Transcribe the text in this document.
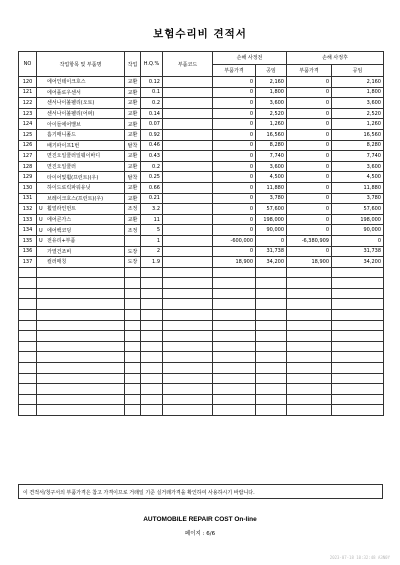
보험수리비 견적서
NO	작업항목 및 부품명	작업	H.Q.%	부품코드	손해 사정전		손해 사정후	
					부품가격	공임	부품가격	공임
120	에어인테이크호스	교환	0.12		0	2,160	0	2,160
121	에어플로우센서	교환	0.1		0	1,800	0	1,800
122	센서나이볼펠리(오토)	교환	0.2		0	3,600	0	3,600
123	센서나이볼펠리(어퍼)	교환	0.14		0	2,520	0	2,520
124	아이들에어밸브	교환	0.07		0	1,260	0	1,260
125	흡기매니폴드	교환	0.92		0	16,560	0	16,560
126	배기파이프1번	탈착	0.46		0	8,280	0	8,280
127	면진오일쿨러일웨이바디	교환	0.43		0	7,740	0	7,740
128	면진오일쿨러	교환	0.2		0	3,600	0	3,600
129	타이어및휠(프런트)(우)	탈착	0.25		0	4,500	0	4,500
130	하이드로릭파워유닛	교환	0.66		0	11,880	0	11,880
131	브레이크호스(프런트)(우)	교환	0.21		0	3,780	0	3,780
132	U 휠얼라인먼트	조정	3.2		0	57,600	0	57,600
133	U 에어콘가스	교환	11		0	198,000	0	198,000
134	U 에어백코딩	조정	5		0	90,000	0	90,000
135	U 전유리+부품		1		-600,000	0	-6,380,909	0
136	가열건조비	도장	2		0	31,738	0	31,738
137	컬러매칭	도장	1.9		18,900	34,200	18,900	34,200

이 견적서/청구서의 부품가격은 참고 가격이므로 거래일 기준 실거래가격을 확인하여 사용하시기 바랍니다.
AUTOMOBILE REPAIR COST On-line
페이지 : 6/6
2023-07-18 10:32:48 A3N0Y
